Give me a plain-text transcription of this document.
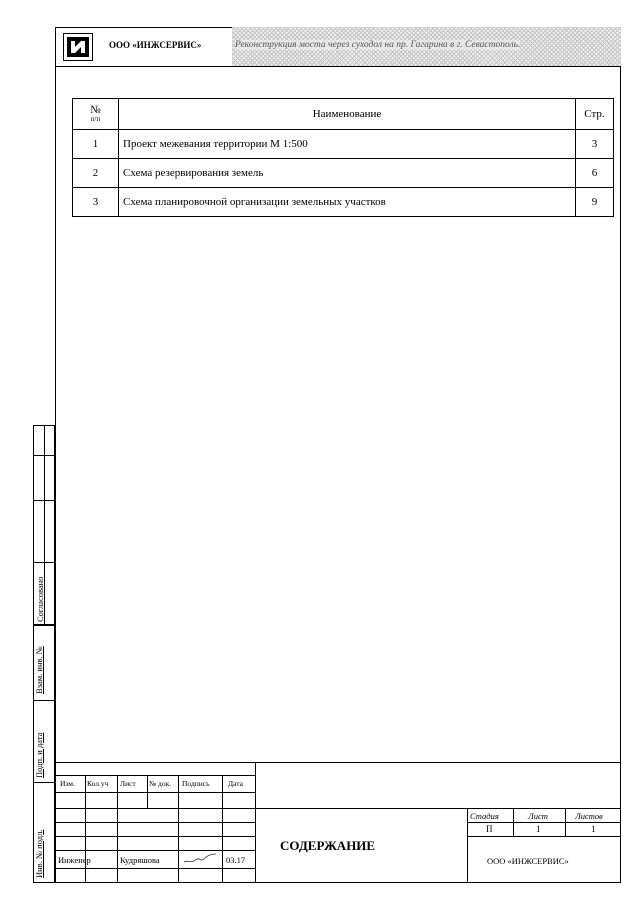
ООО «ИНЖСЕРВИС»	Реконструкция моста через суходол на пр. Гагарина в г. Севастополь.
№
п/п	Наименование	Стр.
1	Проект межевания территории М 1:500	3
2	Схема резервирования земель	6
3	Схема планировочной организации земельных участков	9
Согласовано
Взам. инв. №
Подп. и дата
Инв. № подл.
Изм. Кол.уч Лист № док. Подпись Дата
Инженер	Кудряшова	03.17
СОДЕРЖАНИЕ
Стадия	Лист	Листов
П	1	1
ООО «ИНЖСЕРВИС»
